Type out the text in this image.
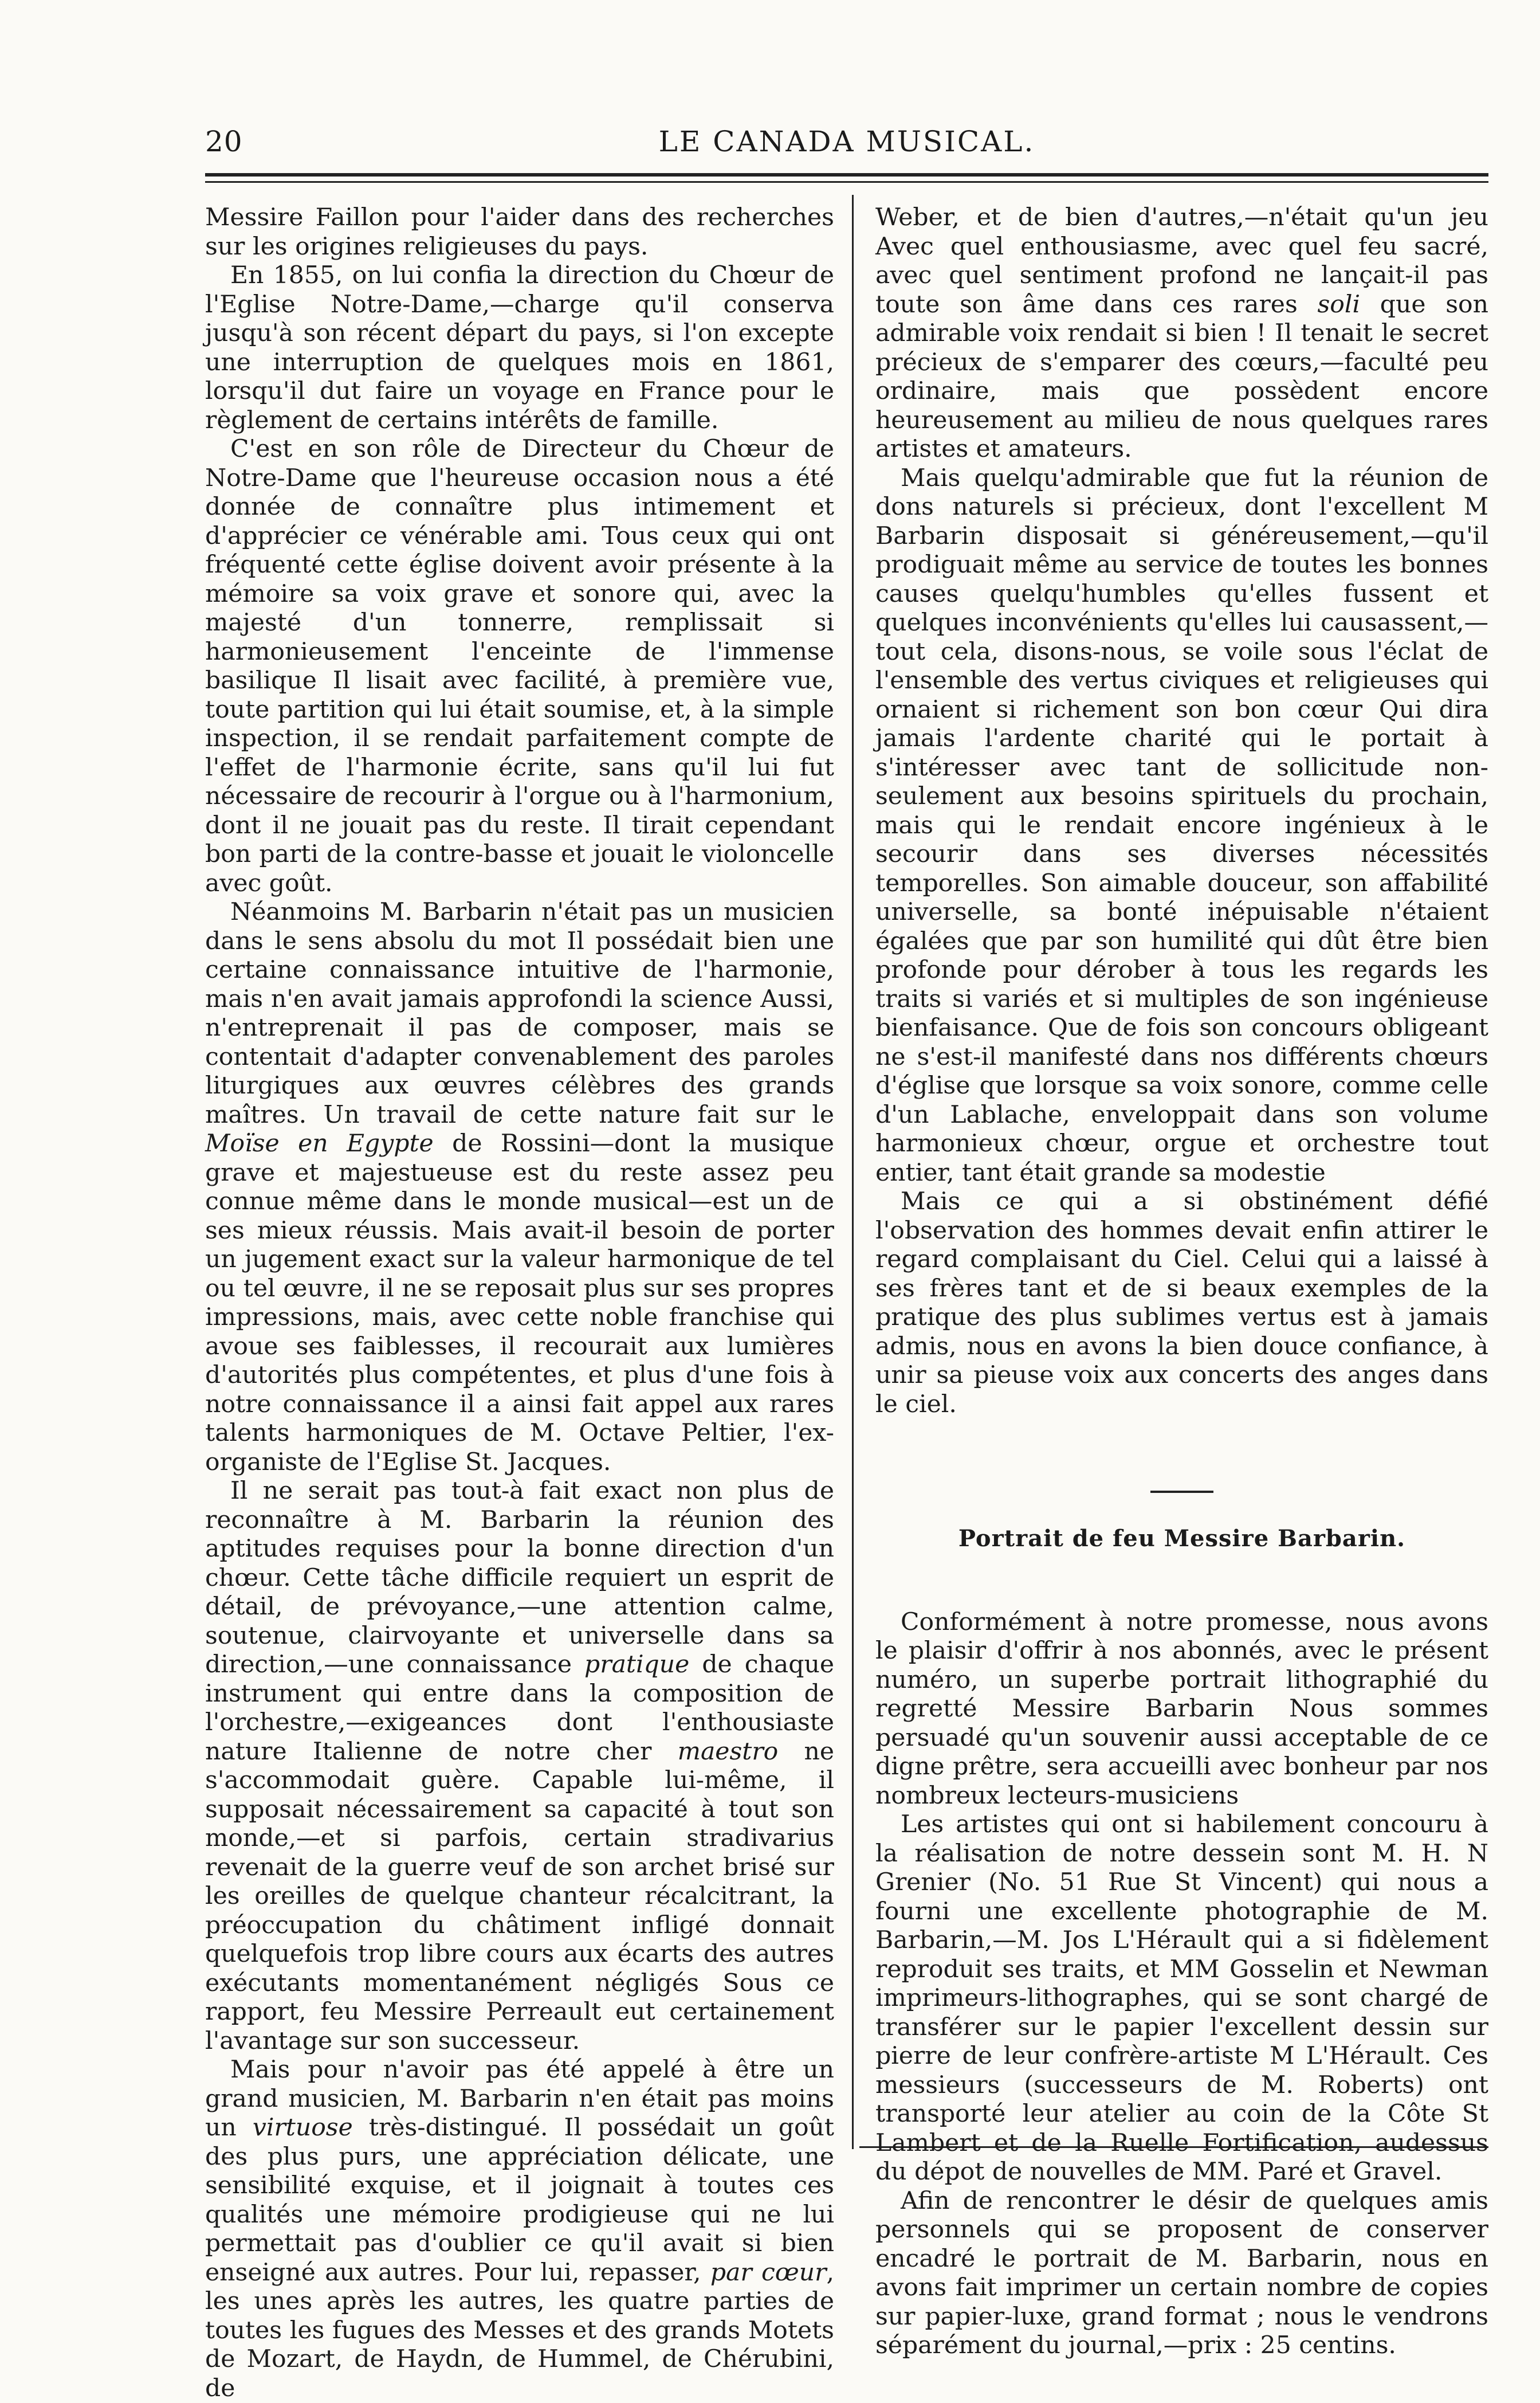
20	LE CANADA MUSICAL.

Messire Faillon pour l'aider dans des recherches sur les origines religieuses du pays.

En 1855, on lui confia la direction du Chœur de l'Eglise Notre-Dame,—charge qu'il conserva jusqu'à son récent départ du pays, si l'on excepte une interruption de quelques mois en 1861, lorsqu'il dut faire un voyage en France pour le règlement de certains intérêts de famille.

C'est en son rôle de Directeur du Chœur de Notre-Dame que l'heureuse occasion nous a été donnée de connaître plus intimement et d'apprécier ce vénérable ami. Tous ceux qui ont fréquenté cette église doivent avoir présente à la mémoire sa voix grave et sonore qui, avec la majesté d'un tonnerre, remplissait si harmonieusement l'enceinte de l'immense basilique Il lisait avec facilité, à première vue, toute partition qui lui était soumise, et, à la simple inspection, il se rendait parfaitement compte de l'effet de l'harmonie écrite, sans qu'il lui fut nécessaire de recourir à l'orgue ou à l'harmonium, dont il ne jouait pas du reste. Il tirait cependant bon parti de la contre-basse et jouait le violoncelle avec goût.

Néanmoins M. Barbarin n'était pas un musicien dans le sens absolu du mot Il possédait bien une certaine connaissance intuitive de l'harmonie, mais n'en avait jamais approfondi la science Aussi, n'entreprenait il pas de composer, mais se contentait d'adapter convenablement des paroles liturgiques aux œuvres célèbres des grands maîtres. Un travail de cette nature fait sur le Moïse en Egypte de Rossini—dont la musique grave et majestueuse est du reste assez peu connue même dans le monde musical—est un de ses mieux réussis. Mais avait-il besoin de porter un jugement exact sur la valeur harmonique de tel ou tel œuvre, il ne se reposait plus sur ses propres impressions, mais, avec cette noble franchise qui avoue ses faiblesses, il recourait aux lumières d'autorités plus compétentes, et plus d'une fois à notre connaissance il a ainsi fait appel aux rares talents harmoniques de M. Octave Peltier, l'ex-organiste de l'Eglise St. Jacques.

Il ne serait pas tout-à fait exact non plus de reconnaître à M. Barbarin la réunion des aptitudes requises pour la bonne direction d'un chœur. Cette tâche difficile requiert un esprit de détail, de prévoyance,—une attention calme, soutenue, clairvoyante et universelle dans sa direction,—une connaissance pratique de chaque instrument qui entre dans la composition de l'orchestre,—exigeances dont l'enthousiaste nature Italienne de notre cher maestro ne s'accommodait guère. Capable lui-même, il supposait nécessairement sa capacité à tout son monde,—et si parfois, certain stradivarius revenait de la guerre veuf de son archet brisé sur les oreilles de quelque chanteur récalcitrant, la préoccupation du châtiment infligé donnait quelquefois trop libre cours aux écarts des autres exécutants momentanément négligés Sous ce rapport, feu Messire Perreault eut certainement l'avantage sur son successeur.

Mais pour n'avoir pas été appelé à être un grand musicien, M. Barbarin n'en était pas moins un virtuose très-distingué. Il possédait un goût des plus purs, une appréciation délicate, une sensibilité exquise, et il joignait à toutes ces qualités une mémoire prodigieuse qui ne lui permettait pas d'oublier ce qu'il avait si bien enseigné aux autres. Pour lui, repasser, par cœur, les unes après les autres, les quatre parties de toutes les fugues des Messes et des grands Motets de Mozart, de Haydn, de Hummel, de Chérubini, de

Weber, et de bien d'autres,—n'était qu'un jeu Avec quel enthousiasme, avec quel feu sacré, avec quel sentiment profond ne lançait-il pas toute son âme dans ces rares soli que son admirable voix rendait si bien ! Il tenait le secret précieux de s'emparer des cœurs,—faculté peu ordinaire, mais que possèdent encore heureusement au milieu de nous quelques rares artistes et amateurs.

Mais quelqu'admirable que fut la réunion de dons naturels si précieux, dont l'excellent M Barbarin disposait si généreusement,—qu'il prodiguait même au service de toutes les bonnes causes quelqu'humbles qu'elles fussent et quelques inconvénients qu'elles lui causassent,—tout cela, disons-nous, se voile sous l'éclat de l'ensemble des vertus civiques et religieuses qui ornaient si richement son bon cœur Qui dira jamais l'ardente charité qui le portait à s'intéresser avec tant de sollicitude non-seulement aux besoins spirituels du prochain, mais qui le rendait encore ingénieux à le secourir dans ses diverses nécessités temporelles. Son aimable douceur, son affabilité universelle, sa bonté inépuisable n'étaient égalées que par son humilité qui dût être bien profonde pour dérober à tous les regards les traits si variés et si multiples de son ingénieuse bienfaisance. Que de fois son concours obligeant ne s'est-il manifesté dans nos différents chœurs d'église que lorsque sa voix sonore, comme celle d'un Lablache, enveloppait dans son volume harmonieux chœur, orgue et orchestre tout entier, tant était grande sa modestie

Mais ce qui a si obstinément défié l'observation des hommes devait enfin attirer le regard complaisant du Ciel. Celui qui a laissé à ses frères tant et de si beaux exemples de la pratique des plus sublimes vertus est à jamais admis, nous en avons la bien douce confiance, à unir sa pieuse voix aux concerts des anges dans le ciel.

Portrait de feu Messire Barbarin.

Conformément à notre promesse, nous avons le plaisir d'offrir à nos abonnés, avec le présent numéro, un superbe portrait lithographié du regretté Messire Barbarin Nous sommes persuadé qu'un souvenir aussi acceptable de ce digne prêtre, sera accueilli avec bonheur par nos nombreux lecteurs-musiciens

Les artistes qui ont si habilement concouru à la réalisation de notre dessein sont M. H. N Grenier (No. 51 Rue St Vincent) qui nous a fourni une excellente photographie de M. Barbarin,—M. Jos L'Hérault qui a si fidèlement reproduit ses traits, et MM Gosselin et Newman imprimeurs-lithographes, qui se sont chargé de transférer sur le papier l'excellent dessin sur pierre de leur confrère-artiste M L'Hérault. Ces messieurs (successeurs de M. Roberts) ont transporté leur atelier au coin de la Côte St Lambert et de la Ruelle Fortification, audessus du dépot de nouvelles de MM. Paré et Gravel.

Afin de rencontrer le désir de quelques amis personnels qui se proposent de conserver encadré le portrait de M. Barbarin, nous en avons fait imprimer un certain nombre de copies sur papier-luxe, grand format ; nous le vendrons séparément du journal,—prix : 25 centins.
